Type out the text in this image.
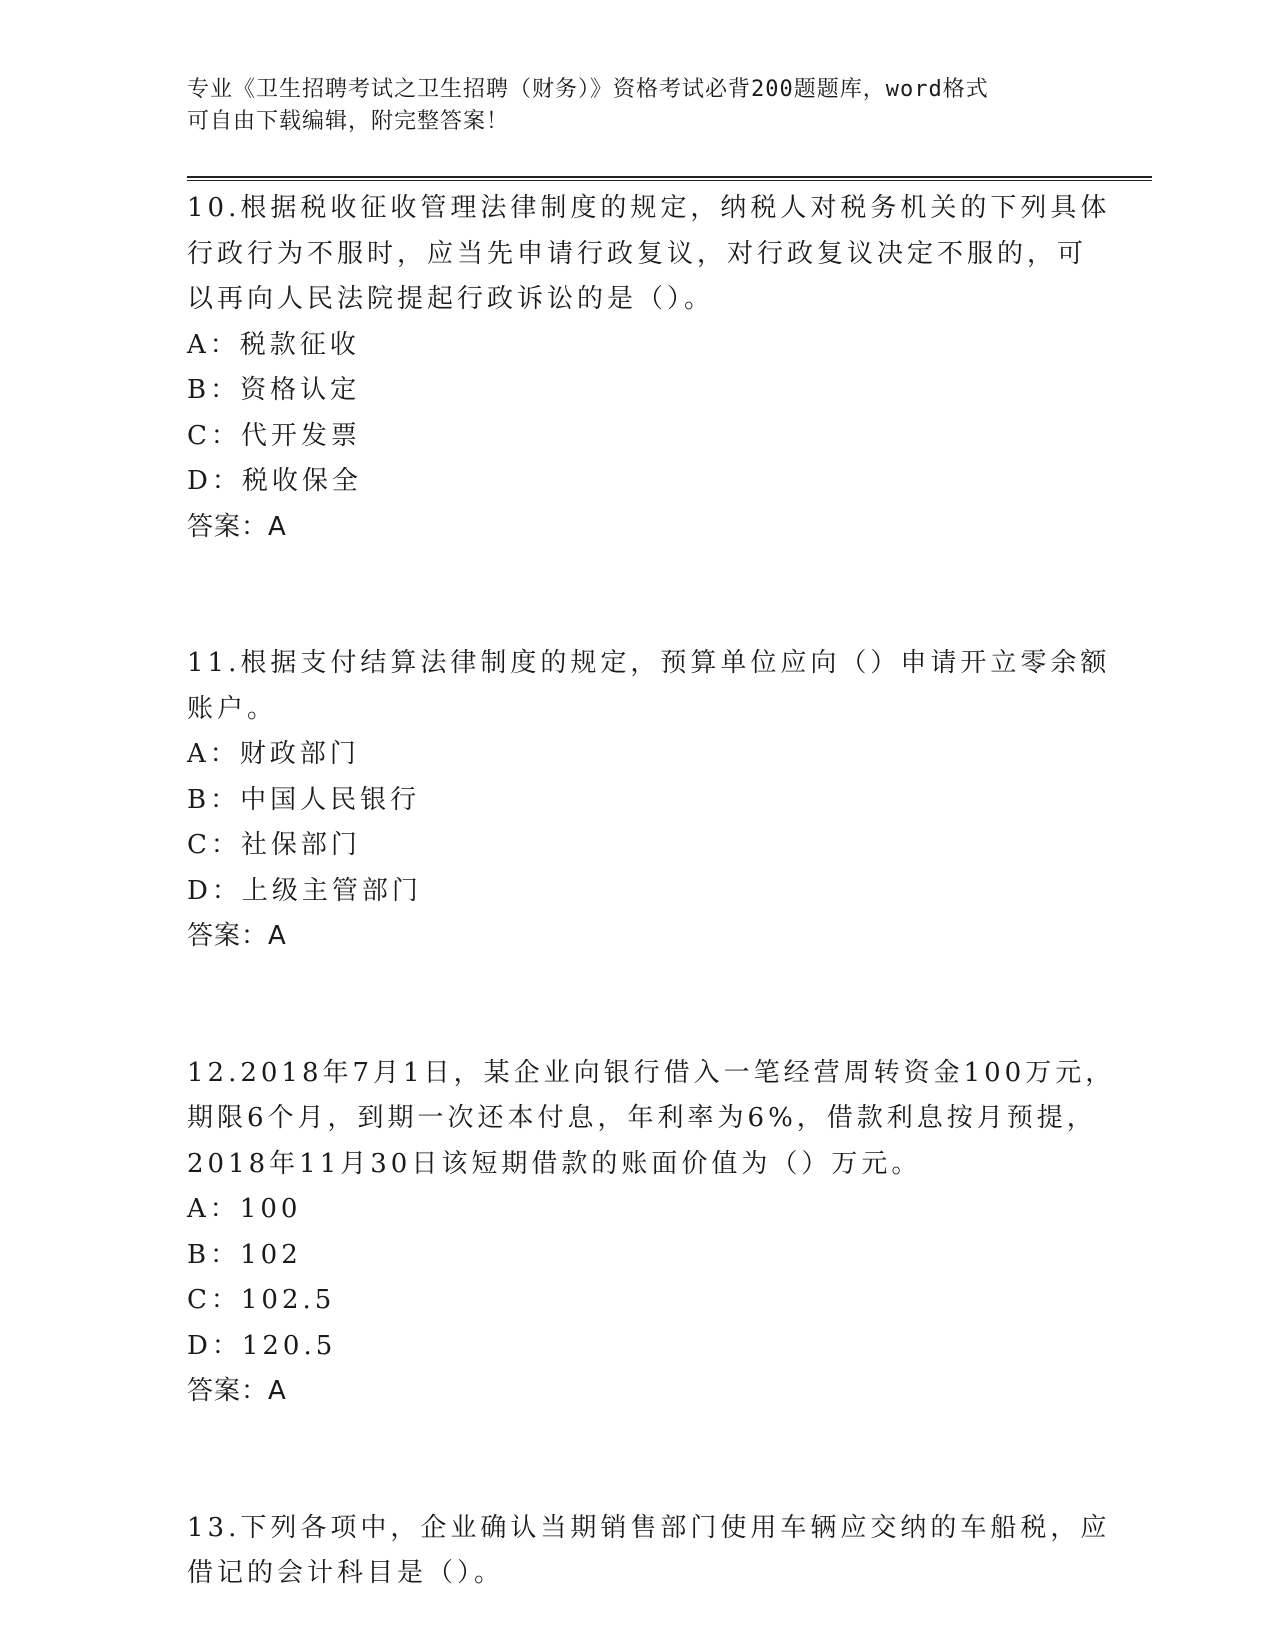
专业《卫生招聘考试之卫生招聘（财务）》资格考试必背200题题库，word格式
可自由下载编辑，附完整答案！
10.根据税收征收管理法律制度的规定，纳税人对税务机关的下列具体
行政行为不服时，应当先申请行政复议，对行政复议决定不服的，可
以再向人民法院提起行政诉讼的是（）。
A：税款征收
B：资格认定
C：代开发票
D：税收保全
答案：A
11.根据支付结算法律制度的规定，预算单位应向（）申请开立零余额
账户。
A：财政部门
B：中国人民银行
C：社保部门
D：上级主管部门
答案：A
12.2018年7月1日，某企业向银行借入一笔经营周转资金100万元，
期限6个月，到期一次还本付息，年利率为6%，借款利息按月预提，
2018年11月30日该短期借款的账面价值为（）万元。
A：100
B：102
C：102.5
D：120.5
答案：A
13.下列各项中，企业确认当期销售部门使用车辆应交纳的车船税，应
借记的会计科目是（）。
